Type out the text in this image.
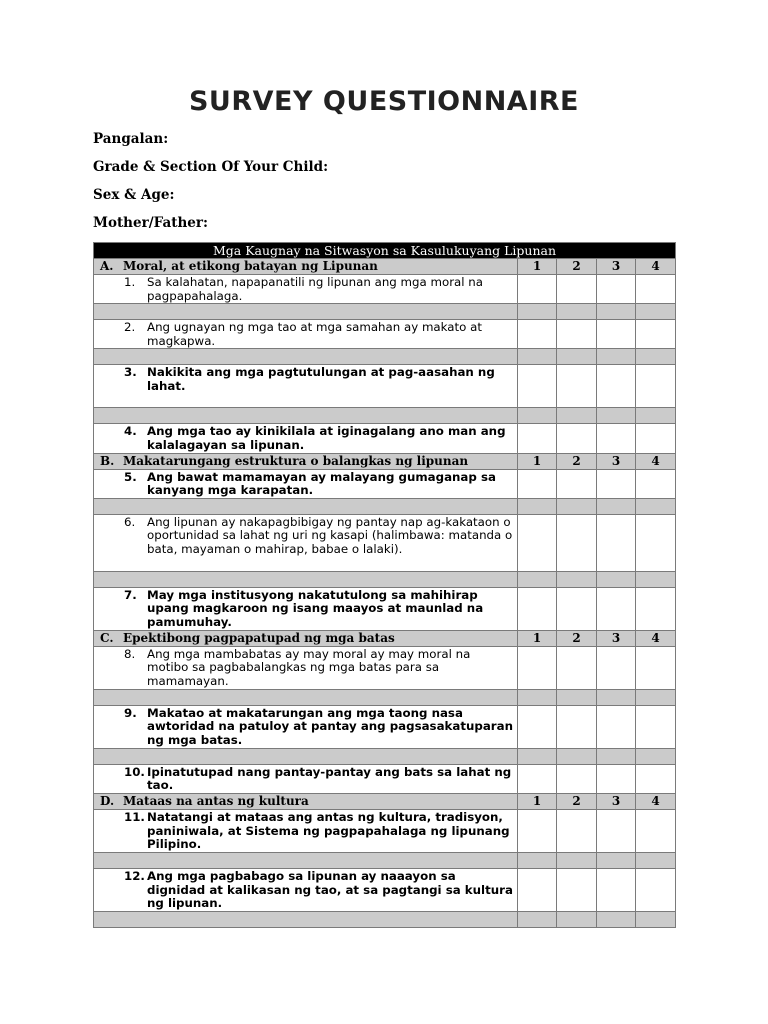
SURVEY QUESTIONNAIRE
Pangalan:
Grade & Section Of Your Child:
Sex & Age:
Mother/Father:
Mga Kaugnay na Sitwasyon sa Kasulukuyang Lipunan				
A. Moral, at etikong batayan ng Lipunan	1	2	3	4

1. Sa kalahatan, napapanatili ng lipunan ang mga moral na pagpapahalaga.				

2. Ang ugnayan ng mga tao at mga samahan ay makato at magkapwa.				

3. Nakikita ang mga pagtutulungan at pag-aasahan ng lahat.				

4. Ang mga tao ay kinikilala at iginagalang ano man ang kalalagayan sa lipunan.				

B. Makatarungang estruktura o balangkas ng lipunan	1	2	3	4

5. Ang bawat mamamayan ay malayang gumaganap sa kanyang mga karapatan.				

6. Ang lipunan ay nakapagbibigay ng pantay nap ag-kakataon o oportunidad sa lahat ng uri ng kasapi (halimbawa: matanda o bata, mayaman o mahirap, babae o lalaki).				

7. May mga institusyong nakatutulong sa mahihirap upang magkaroon ng isang maayos at maunlad na pamumuhay.				

C. Epektibong pagpapatupad ng mga batas	1	2	3	4

8. Ang mga mambabatas ay may moral ay may moral na motibo sa pagbabalangkas ng mga batas para sa mamamayan.				

9. Makatao at makatarungan ang mga taong nasa awtoridad na patuloy at pantay ang pagsasakatuparan ng mga batas.				

10. Ipinatutupad nang pantay-pantay ang bats sa lahat ng tao.				

D. Mataas na antas ng kultura	1	2	3	4

11. Natatangi at mataas ang antas ng kultura, tradisyon, paniniwala, at Sistema ng pagpapahalaga ng lipunang Pilipino.				

12. Ang mga pagbabago sa lipunan ay naaayon sa dignidad at kalikasan ng tao, at sa pagtangi sa kultura ng lipunan.				
